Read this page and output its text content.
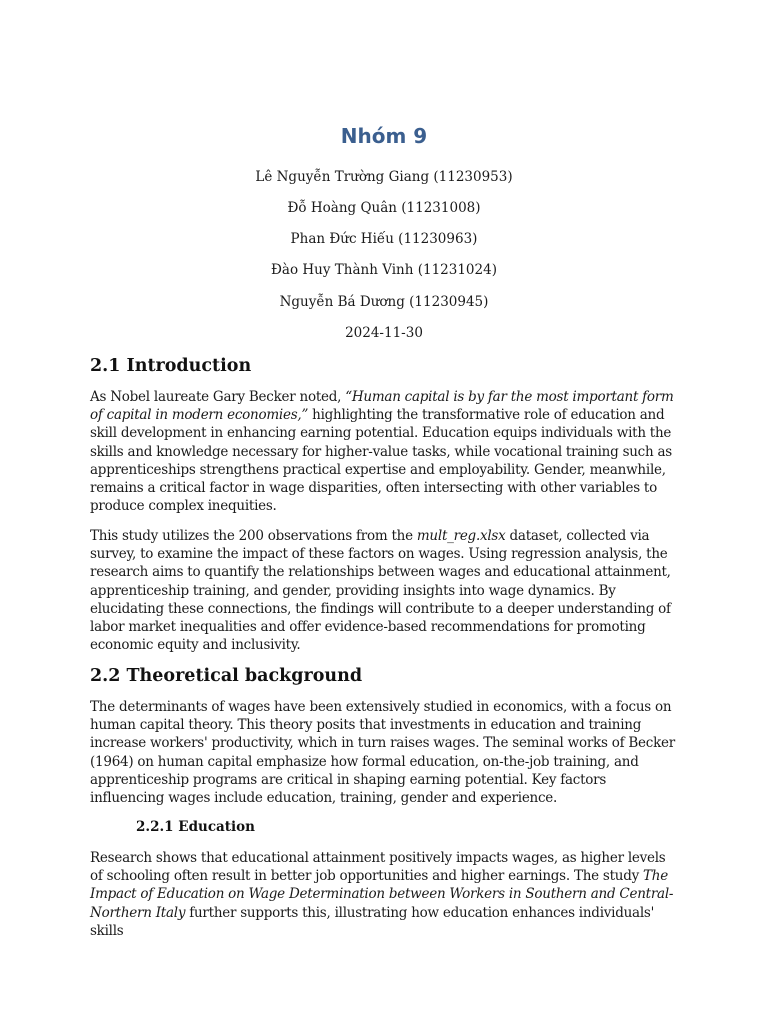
Nhóm 9

Lê Nguyễn Trường Giang (11230953)

Đỗ Hoàng Quân (11231008)

Phan Đức Hiếu (11230963)

Đào Huy Thành Vinh (11231024)

Nguyễn Bá Dương (11230945)

2024-11-30

2.1 Introduction

As Nobel laureate Gary Becker noted, “Human capital is by far the most important form of capital in modern economies,” highlighting the transformative role of education and skill development in enhancing earning potential. Education equips individuals with the skills and knowledge necessary for higher-value tasks, while vocational training such as apprenticeships strengthens practical expertise and employability. Gender, meanwhile, remains a critical factor in wage disparities, often intersecting with other variables to produce complex inequities.

This study utilizes the 200 observations from the mult_reg.xlsx dataset, collected via survey, to examine the impact of these factors on wages. Using regression analysis, the research aims to quantify the relationships between wages and educational attainment, apprenticeship training, and gender, providing insights into wage dynamics. By elucidating these connections, the findings will contribute to a deeper understanding of labor market inequalities and offer evidence-based recommendations for promoting economic equity and inclusivity.

2.2 Theoretical background

The determinants of wages have been extensively studied in economics, with a focus on human capital theory. This theory posits that investments in education and training increase workers' productivity, which in turn raises wages. The seminal works of Becker (1964) on human capital emphasize how formal education, on-the-job training, and apprenticeship programs are critical in shaping earning potential. Key factors influencing wages include education, training, gender and experience.

2.2.1 Education

Research shows that educational attainment positively impacts wages, as higher levels of schooling often result in better job opportunities and higher earnings. The study The Impact of Education on Wage Determination between Workers in Southern and Central-Northern Italy further supports this, illustrating how education enhances individuals' skills
